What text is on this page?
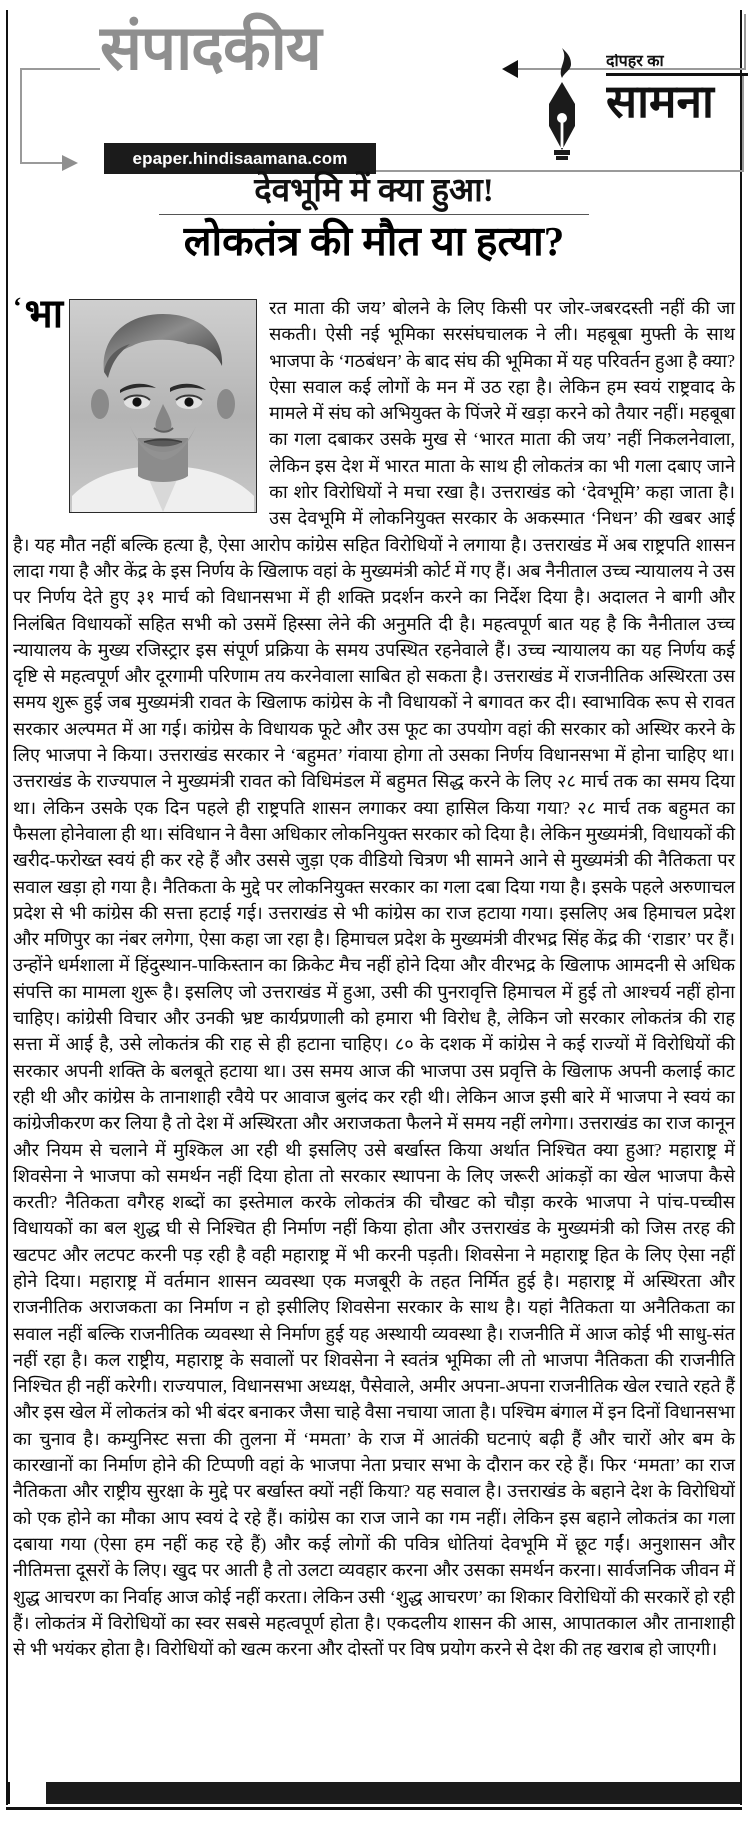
संपादकीय
epaper.hindisaamana.com
दोपहर का
सामना
देवभूमि में क्या हुआ!
लोकतंत्र की मौत या हत्या?
‘ भा	रत माता की जय’ बोलने के लिए किसी पर जोर-जबरदस्ती नहीं की जा सकती। ऐसी नई भूमिका सरसंघचालक ने ली। महबूबा मुफ्ती के साथ भाजपा के ‘गठबंधन’ के बाद संघ की भूमिका में यह परिवर्तन हुआ है क्या? ऐसा सवाल कई लोगों के मन में उठ रहा है। लेकिन हम स्वयं राष्ट्रवाद के मामले में संघ को अभियुक्त के पिंजरे में खड़ा करने को तैयार नहीं। महबूबा का गला दबाकर उसके मुख से ‘भारत माता की जय’ नहीं निकलनेवाला, लेकिन इस देश में भारत माता के साथ ही लोकतंत्र का भी गला दबाए जाने का शोर विरोधियों ने मचा रखा है। उत्तराखंड को ‘देवभूमि’ कहा जाता है। उस देवभूमि में लोकनियुक्त सरकार के अकस्मात ‘निधन’ की खबर आई है। यह मौत नहीं बल्कि हत्या है, ऐसा आरोप कांग्रेस सहित विरोधियों ने लगाया है। उत्तराखंड में अब राष्ट्रपति शासन लादा गया है और केंद्र के इस निर्णय के खिलाफ वहां के मुख्यमंत्री कोर्ट में गए हैं। अब नैनीताल उच्च न्यायालय ने उस पर निर्णय देते हुए ३१ मार्च को विधानसभा में ही शक्ति प्रदर्शन करने का निर्देश दिया है। अदालत ने बागी और निलंबित विधायकों सहित सभी को उसमें हिस्सा लेने की अनुमति दी है। महत्वपूर्ण बात यह है कि नैनीताल उच्च न्यायालय के मुख्य रजिस्ट्रार इस संपूर्ण प्रक्रिया के समय उपस्थित रहनेवाले हैं। उच्च न्यायालय का यह निर्णय कई दृष्टि से महत्वपूर्ण और दूरगामी परिणाम तय करनेवाला साबित हो सकता है। उत्तराखंड में राजनीतिक अस्थिरता उस समय शुरू हुई जब मुख्यमंत्री रावत के खिलाफ कांग्रेस के नौ विधायकों ने बगावत कर दी। स्वाभाविक रूप से रावत सरकार अल्पमत में आ गई। कांग्रेस के विधायक फूटे और उस फूट का उपयोग वहां की सरकार को अस्थिर करने के लिए भाजपा ने किया। उत्तराखंड सरकार ने ‘बहुमत’ गंवाया होगा तो उसका निर्णय विधानसभा में होना चाहिए था। उत्तराखंड के राज्यपाल ने मुख्यमंत्री रावत को विधिमंडल में बहुमत सिद्ध करने के लिए २८ मार्च तक का समय दिया था। लेकिन उसके एक दिन पहले ही राष्ट्रपति शासन लगाकर क्या हासिल किया गया? २८ मार्च तक बहुमत का फैसला होनेवाला ही था। संविधान ने वैसा अधिकार लोकनियुक्त सरकार को दिया है। लेकिन मुख्यमंत्री, विधायकों की खरीद-फरोख्त स्वयं ही कर रहे हैं और उससे जुड़ा एक वीडियो चित्रण भी सामने आने से मुख्यमंत्री की नैतिकता पर सवाल खड़ा हो गया है। नैतिकता के मुद्दे पर लोकनियुक्त सरकार का गला दबा दिया गया है। इसके पहले अरुणाचल प्रदेश से भी कांग्रेस की सत्ता हटाई गई। उत्तराखंड से भी कांग्रेस का राज हटाया गया। इसलिए अब हिमाचल प्रदेश और मणिपुर का नंबर लगेगा, ऐसा कहा जा रहा है। हिमाचल प्रदेश के मुख्यमंत्री वीरभद्र सिंह केंद्र की ‘राडार’ पर हैं। उन्होंने धर्मशाला में हिंदुस्थान-पाकिस्तान का क्रिकेट मैच नहीं होने दिया और वीरभद्र के खिलाफ आमदनी से अधिक संपत्ति का मामला शुरू है। इसलिए जो उत्तराखंड में हुआ, उसी की पुनरावृत्ति हिमाचल में हुई तो आश्चर्य नहीं होना चाहिए। कांग्रेसी विचार और उनकी भ्रष्ट कार्यप्रणाली को हमारा भी विरोध है, लेकिन जो सरकार लोकतंत्र की राह सत्ता में आई है, उसे लोकतंत्र की राह से ही हटाना चाहिए। ८० के दशक में कांग्रेस ने कई राज्यों में विरोधियों की सरकार अपनी शक्ति के बलबूते हटाया था। उस समय आज की भाजपा उस प्रवृत्ति के खिलाफ अपनी कलाई काट रही थी और कांग्रेस के तानाशाही रवैये पर आवाज बुलंद कर रही थी। लेकिन आज इसी बारे में भाजपा ने स्वयं का कांग्रेजीकरण कर लिया है तो देश में अस्थिरता और अराजकता फैलने में समय नहीं लगेगा। उत्तराखंड का राज कानून और नियम से चलाने में मुश्किल आ रही थी इसलिए उसे बर्खास्त किया अर्थात निश्चित क्या हुआ? महाराष्ट्र में शिवसेना ने भाजपा को समर्थन नहीं दिया होता तो सरकार स्थापना के लिए जरूरी आंकड़ों का खेल भाजपा कैसे करती? नैतिकता वगैरह शब्दों का इस्तेमाल करके लोकतंत्र की चौखट को चौड़ा करके भाजपा ने पांच-पच्चीस विधायकों का बल शुद्ध घी से निश्चित ही निर्माण नहीं किया होता और उत्तराखंड के मुख्यमंत्री को जिस तरह की खटपट और लटपट करनी पड़ रही है वही महाराष्ट्र में भी करनी पड़ती। शिवसेना ने महाराष्ट्र हित के लिए ऐसा नहीं होने दिया। महाराष्ट्र में वर्तमान शासन व्यवस्था एक मजबूरी के तहत निर्मित हुई है। महाराष्ट्र में अस्थिरता और राजनीतिक अराजकता का निर्माण न हो इसीलिए शिवसेना सरकार के साथ है। यहां नैतिकता या अनैतिकता का सवाल नहीं बल्कि राजनीतिक व्यवस्था से निर्माण हुई यह अस्थायी व्यवस्था है। राजनीति में आज कोई भी साधु-संत नहीं रहा है। कल राष्ट्रीय, महाराष्ट्र के सवालों पर शिवसेना ने स्वतंत्र भूमिका ली तो भाजपा नैतिकता की राजनीति निश्चित ही नहीं करेगी। राज्यपाल, विधानसभा अध्यक्ष, पैसेवाले, अमीर अपना-अपना राजनीतिक खेल रचाते रहते हैं और इस खेल में लोकतंत्र को भी बंदर बनाकर जैसा चाहे वैसा नचाया जाता है। पश्चिम बंगाल में इन दिनों विधानसभा का चुनाव है। कम्युनिस्ट सत्ता की तुलना में ‘ममता’ के राज में आतंकी घटनाएं बढ़ी हैं और चारों ओर बम के कारखानों का निर्माण होने की टिप्पणी वहां के भाजपा नेता प्रचार सभा के दौरान कर रहे हैं। फिर ‘ममता’ का राज नैतिकता और राष्ट्रीय सुरक्षा के मुद्दे पर बर्खास्त क्यों नहीं किया? यह सवाल है। उत्तराखंड के बहाने देश के विरोधियों को एक होने का मौका आप स्वयं दे रहे हैं। कांग्रेस का राज जाने का गम नहीं। लेकिन इस बहाने लोकतंत्र का गला दबाया गया (ऐसा हम नहीं कह रहे हैं) और कई लोगों की पवित्र धोतियां देवभूमि में छूट गईं। अनुशासन और नीतिमत्ता दूसरों के लिए। खुद पर आती है तो उलटा व्यवहार करना और उसका समर्थन करना। सार्वजनिक जीवन में शुद्ध आचरण का निर्वाह आज कोई नहीं करता। लेकिन उसी ‘शुद्ध आचरण’ का शिकार विरोधियों की सरकारें हो रही हैं। लोकतंत्र में विरोधियों का स्वर सबसे महत्वपूर्ण होता है। एकदलीय शासन की आस, आपातकाल और तानाशाही से भी भयंकर होता है। विरोधियों को खत्म करना और दोस्तों पर विष प्रयोग करने से देश की तह खराब हो जाएगी।
